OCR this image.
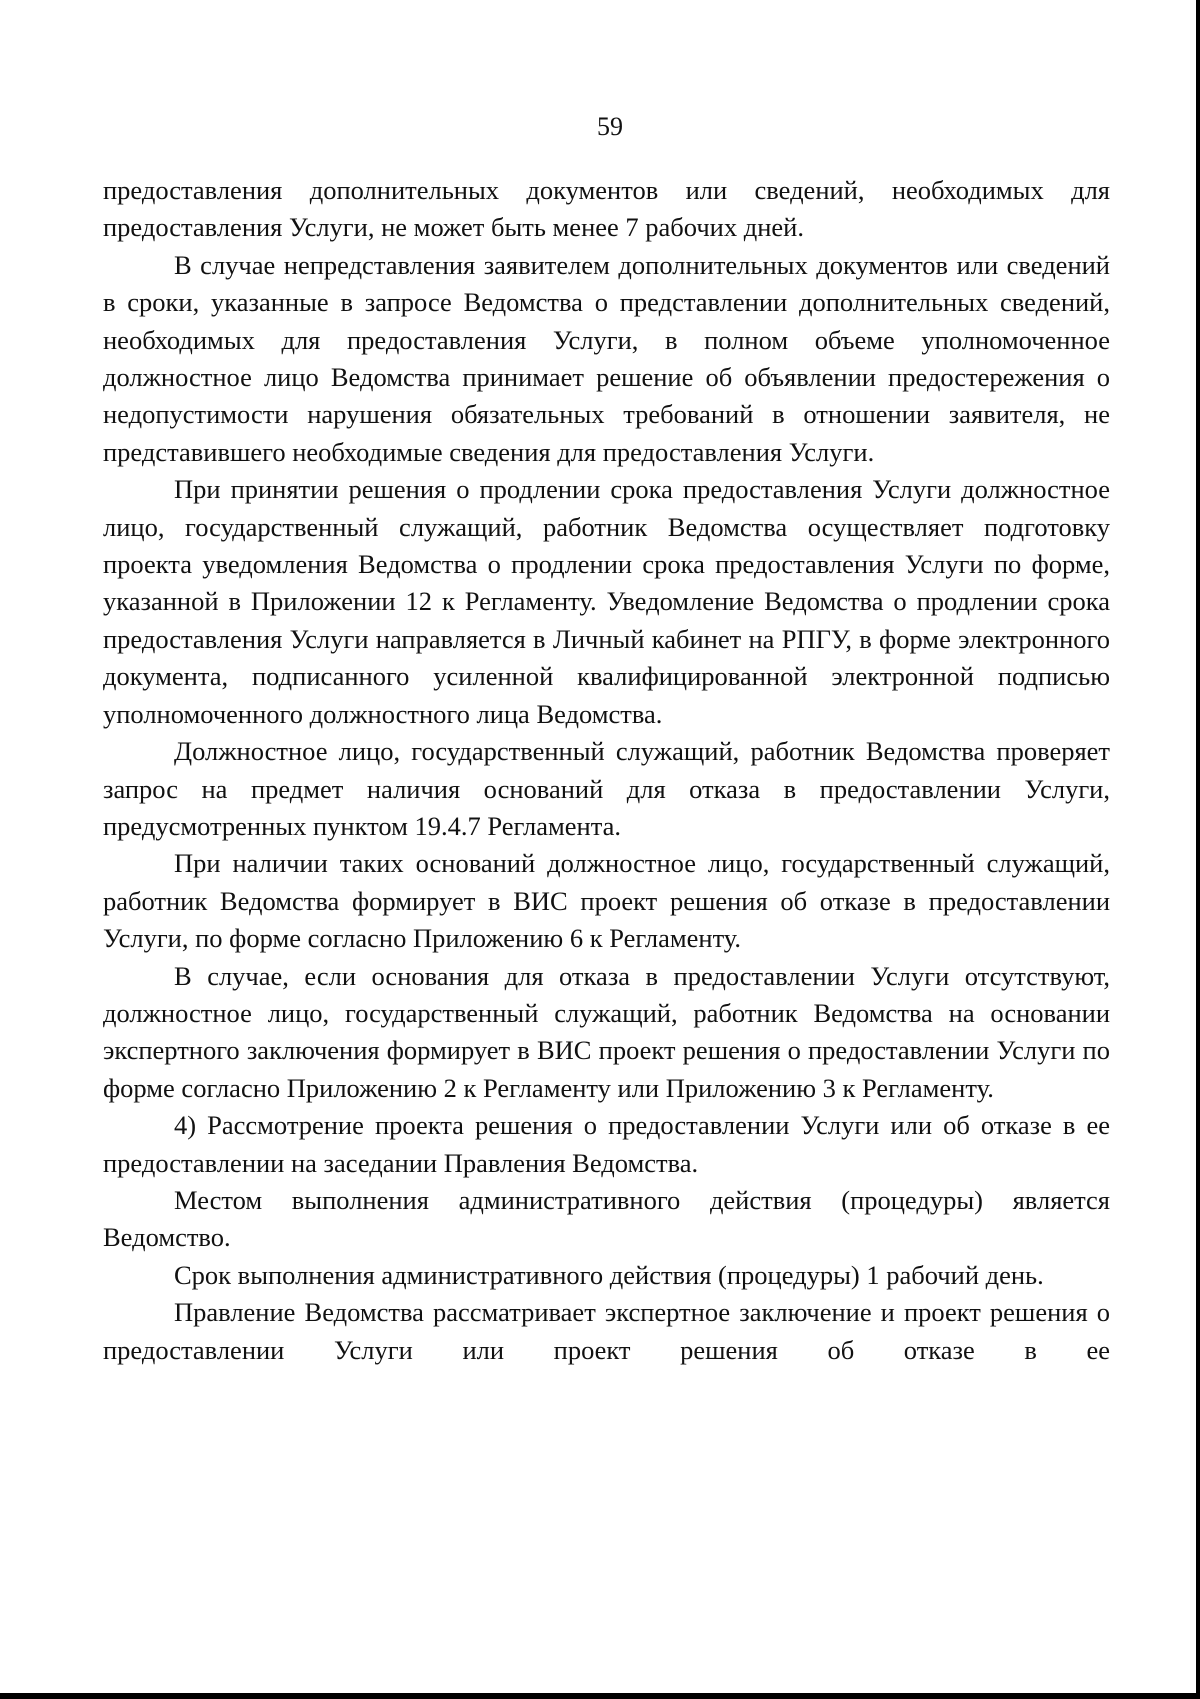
59

предоставления дополнительных документов или сведений, необходимых для предоставления Услуги, не может быть менее 7 рабочих дней.

В случае непредставления заявителем дополнительных документов или сведений в сроки, указанные в запросе Ведомства о представлении дополнительных сведений, необходимых для предоставления Услуги, в полном объеме уполномоченное должностное лицо Ведомства принимает решение об объявлении предостережения о недопустимости нарушения обязательных требований в отношении заявителя, не представившего необходимые сведения для предоставления Услуги.

При принятии решения о продлении срока предоставления Услуги должностное лицо, государственный служащий, работник Ведомства осуществляет подготовку проекта уведомления Ведомства о продлении срока предоставления Услуги по форме, указанной в Приложении 12 к Регламенту. Уведомление Ведомства о продлении срока предоставления Услуги направляется в Личный кабинет на РПГУ, в форме электронного документа, подписанного усиленной квалифицированной электронной подписью уполномоченного должностного лица Ведомства.

Должностное лицо, государственный служащий, работник Ведомства проверяет запрос на предмет наличия оснований для отказа в предоставлении Услуги, предусмотренных пунктом 19.4.7 Регламента.

При наличии таких оснований должностное лицо, государственный служащий, работник Ведомства формирует в ВИС проект решения об отказе в предоставлении Услуги, по форме согласно Приложению 6 к Регламенту.

В случае, если основания для отказа в предоставлении Услуги отсутствуют, должностное лицо, государственный служащий, работник Ведомства на основании экспертного заключения формирует в ВИС проект решения о предоставлении Услуги по форме согласно Приложению 2 к Регламенту или Приложению 3 к Регламенту.

4) Рассмотрение проекта решения о предоставлении Услуги или об отказе в ее предоставлении на заседании Правления Ведомства.

Местом выполнения административного действия (процедуры) является Ведомство.

Срок выполнения административного действия (процедуры) 1 рабочий день.

Правление Ведомства рассматривает экспертное заключение и проект решения о предоставлении Услуги или проект решения об отказе в ее
